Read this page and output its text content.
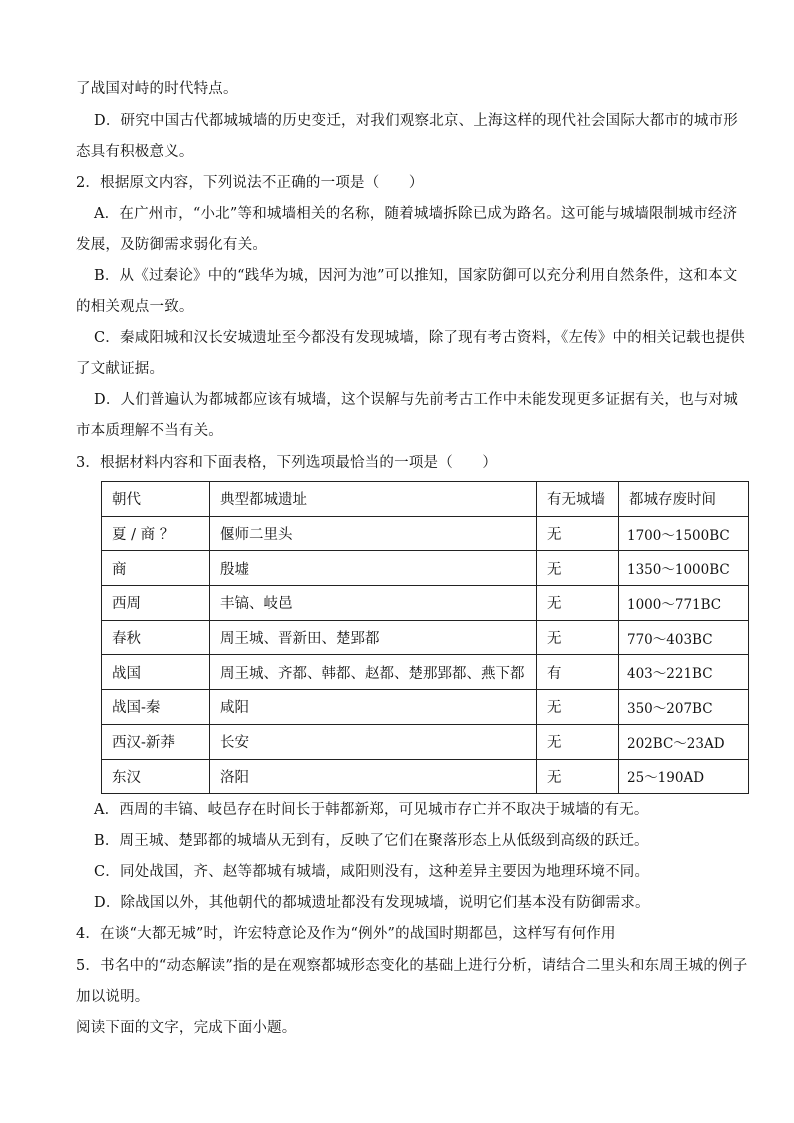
了战国对峙的时代特点。
D．研究中国古代都城城墙的历史变迁，对我们观察北京、上海这样的现代社会国际大都市的城市形
态具有积极意义。
2．根据原文内容，下列说法不正确的一项是（　　）
A．在广州市，“小北”等和城墙相关的名称，随着城墙拆除已成为路名。这可能与城墙限制城市经济
发展，及防御需求弱化有关。
B．从《过秦论》中的“践华为城，因河为池”可以推知，国家防御可以充分利用自然条件，这和本文
的相关观点一致。
C．秦咸阳城和汉长安城遗址至今都没有发现城墙，除了现有考古资料，《左传》中的相关记载也提供
了文献证据。
D．人们普遍认为都城都应该有城墙，这个误解与先前考古工作中未能发现更多证据有关，也与对城
市本质理解不当有关。
3．根据材料内容和下面表格，下列选项最恰当的一项是（　　）
朝代	典型都城遗址	有无城墙	都城存废时间
夏 / 商 ？	偃师二里头	无	1700～1500BC
商	殷墟	无	1350～1000BC
西周	丰镐、岐邑	无	1000～771BC
春秋	周王城、晋新田、楚郢都	无	770～403BC
战国	周王城、齐都、韩都、赵都、楚那郢都、燕下都	有	403～221BC
战国-秦	咸阳	无	350～207BC
西汉-新莽	长安	无	202BC～23AD
东汉	洛阳	无	25～190AD
A．西周的丰镐、岐邑存在时间长于韩都新郑，可见城市存亡并不取决于城墙的有无。
B．周王城、楚郢都的城墙从无到有，反映了它们在聚落形态上从低级到高级的跃迁。
C．同处战国，齐、赵等都城有城墙，咸阳则没有，这种差异主要因为地理环境不同。
D．除战国以外，其他朝代的都城遗址都没有发现城墙，说明它们基本没有防御需求。
4．在谈“大都无城”时，许宏特意论及作为“例外”的战国时期都邑，这样写有何作用
5．书名中的“动态解读”指的是在观察都城形态变化的基础上进行分析，请结合二里头和东周王城的例子
加以说明。
阅读下面的文字，完成下面小题。
